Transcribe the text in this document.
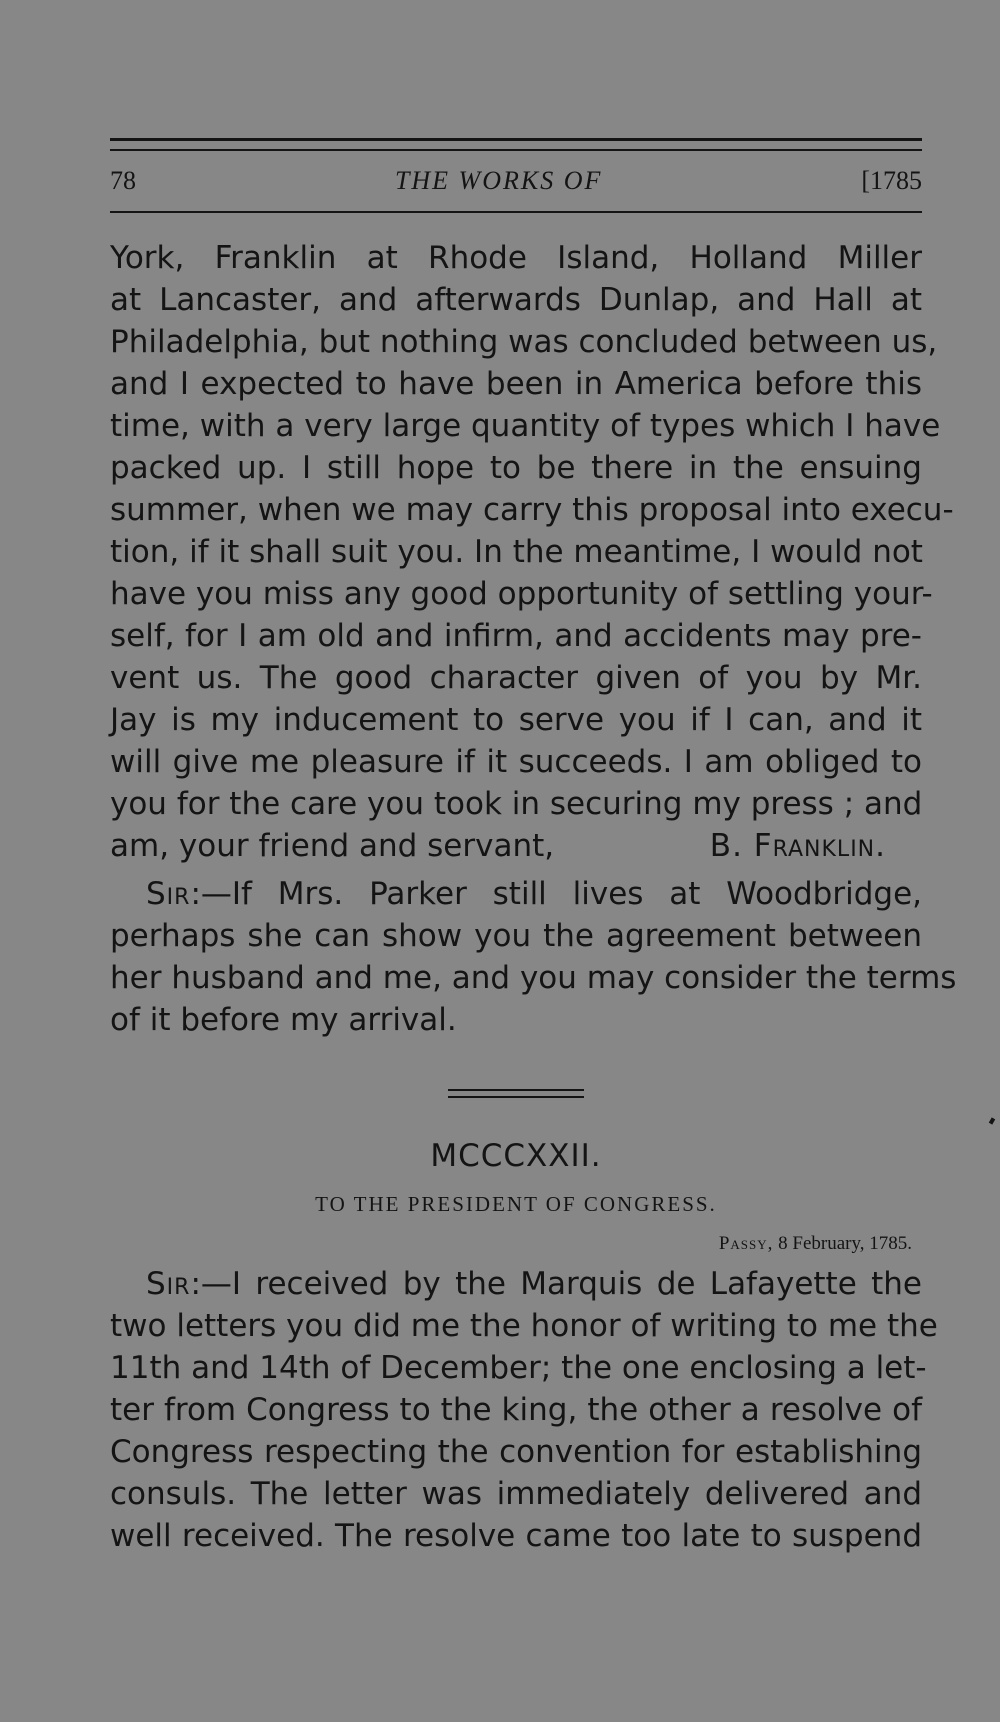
78	THE WORKS OF	[1785
York, Franklin at Rhode Island, Holland Miller
at Lancaster, and afterwards Dunlap, and Hall at
Philadelphia, but nothing was concluded between us,
and I expected to have been in America before this
time, with a very large quantity of types which I have
packed up. I still hope to be there in the ensuing
summer, when we may carry this proposal into execu-
tion, if it shall suit you. In the meantime, I would not
have you miss any good opportunity of settling your-
self, for I am old and infirm, and accidents may pre-
vent us. The good character given of you by Mr.
Jay is my inducement to serve you if I can, and it
will give me pleasure if it succeeds. I am obliged to
you for the care you took in securing my press ; and
am, your friend and servant,	B. Franklin.
Sir:—If Mrs. Parker still lives at Woodbridge,
perhaps she can show you the agreement between
her husband and me, and you may consider the terms
of it before my arrival.
MCCCXXII.
TO THE PRESIDENT OF CONGRESS.
Passy, 8 February, 1785.
Sir:—I received by the Marquis de Lafayette the
two letters you did me the honor of writing to me the
11th and 14th of December; the one enclosing a let-
ter from Congress to the king, the other a resolve of
Congress respecting the convention for establishing
consuls. The letter was immediately delivered and
well received. The resolve came too late to suspend
